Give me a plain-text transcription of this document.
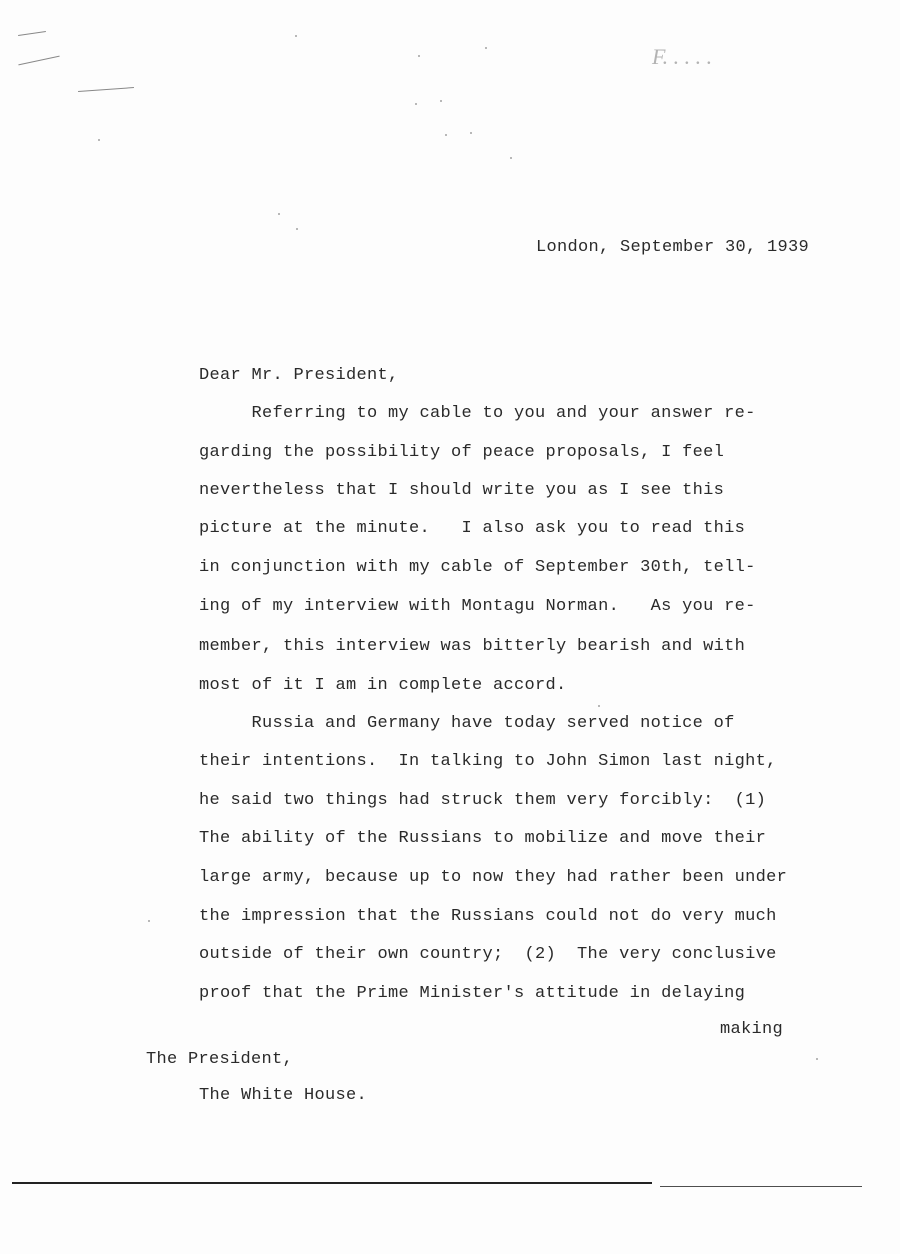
F. . . . .
London, September 30, 1939
Dear Mr. President,
Referring to my cable to you and your answer re-
garding the possibility of peace proposals, I feel
nevertheless that I should write you as I see this
picture at the minute.   I also ask you to read this
in conjunction with my cable of September 30th, tell-
ing of my interview with Montagu Norman.   As you re-
member, this interview was bitterly bearish and with
most of it I am in complete accord.
Russia and Germany have today served notice of
their intentions.  In talking to John Simon last night,
he said two things had struck them very forcibly:  (1)
The ability of the Russians to mobilize and move their
large army, because up to now they had rather been under
the impression that the Russians could not do very much
outside of their own country;  (2)  The very conclusive
proof that the Prime Minister's attitude in delaying
making
The President,
The White House.
